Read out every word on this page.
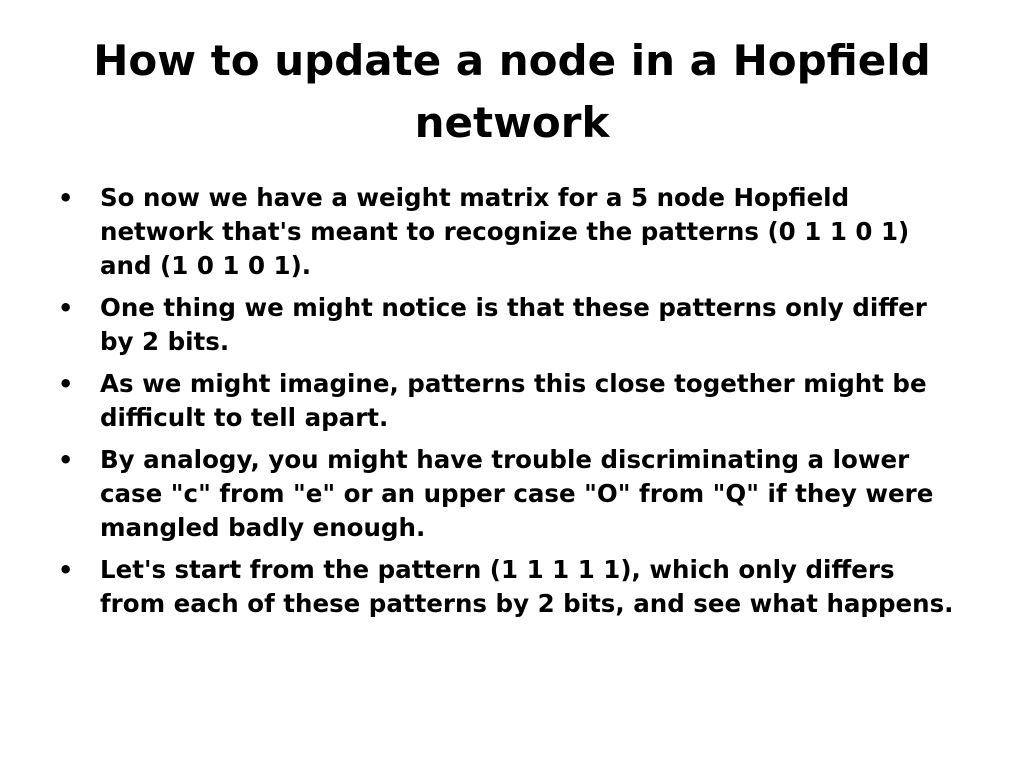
How to update a node in a Hopfield network
• So now we have a weight matrix for a 5 node Hopfield network that's meant to recognize the patterns (0 1 1 0 1) and (1 0 1 0 1).
• One thing we might notice is that these patterns only differ by 2 bits.
• As we might imagine, patterns this close together might be difficult to tell apart.
• By analogy, you might have trouble discriminating a lower case "c" from "e" or an upper case "O" from "Q" if they were mangled badly enough.
• Let's start from the pattern (1 1 1 1 1), which only differs from each of these patterns by 2 bits, and see what happens.
